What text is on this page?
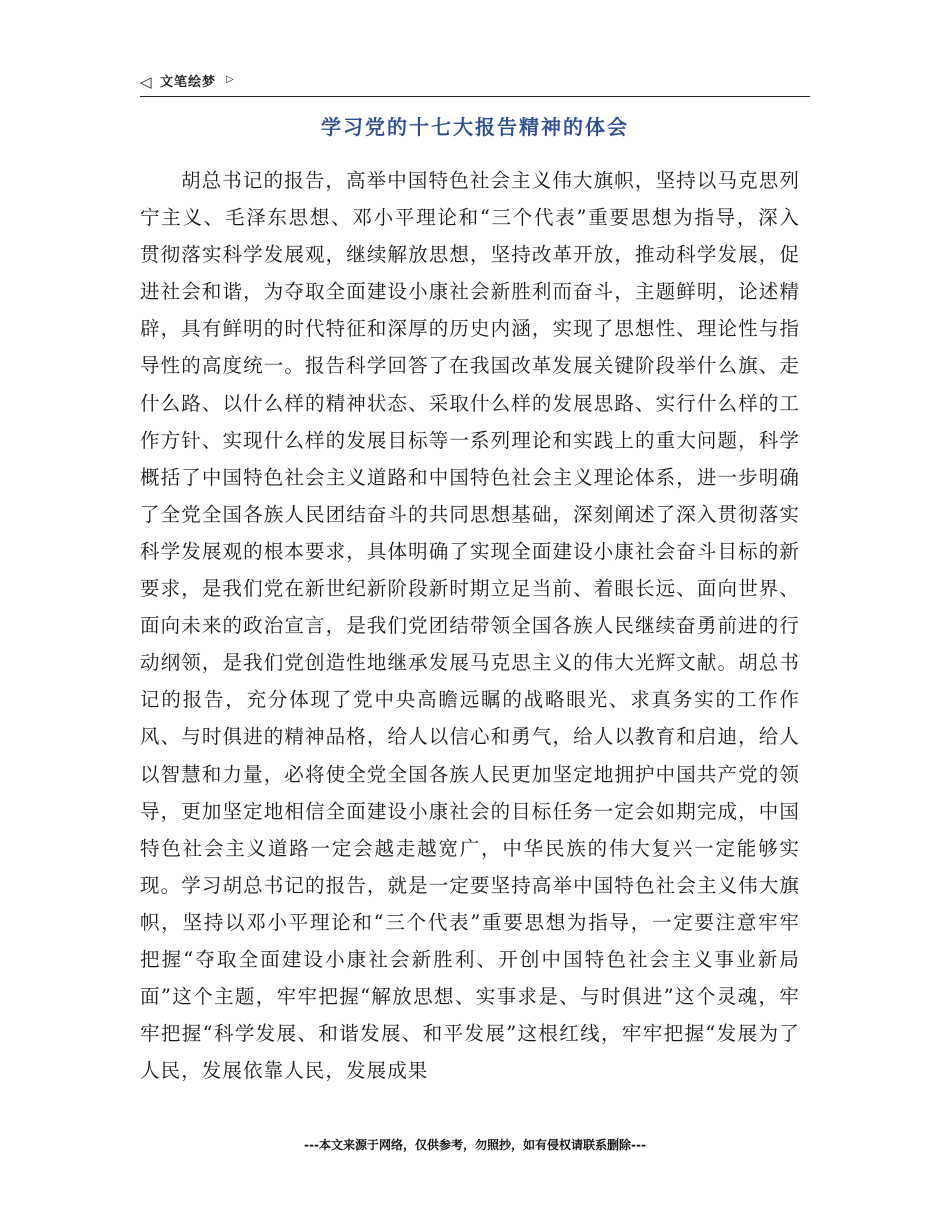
◁ 文笔绘梦 ▷
学习党的十七大报告精神的体会
胡总书记的报告，高举中国特色社会主义伟大旗帜，坚持以马克思列宁主义、毛泽东思想、邓小平理论和“三个代表”重要思想为指导，深入贯彻落实科学发展观，继续解放思想，坚持改革开放，推动科学发展，促进社会和谐，为夺取全面建设小康社会新胜利而奋斗，主题鲜明，论述精辟，具有鲜明的时代特征和深厚的历史内涵，实现了思想性、理论性与指导性的高度统一。报告科学回答了在我国改革发展关键阶段举什么旗、走什么路、以什么样的精神状态、采取什么样的发展思路、实行什么样的工作方针、实现什么样的发展目标等一系列理论和实践上的重大问题，科学概括了中国特色社会主义道路和中国特色社会主义理论体系，进一步明确了全党全国各族人民团结奋斗的共同思想基础，深刻阐述了深入贯彻落实科学发展观的根本要求，具体明确了实现全面建设小康社会奋斗目标的新要求，是我们党在新世纪新阶段新时期立足当前、着眼长远、面向世界、面向未来的政治宣言，是我们党团结带领全国各族人民继续奋勇前进的行动纲领，是我们党创造性地继承发展马克思主义的伟大光辉文献。胡总书记的报告，充分体现了党中央高瞻远瞩的战略眼光、求真务实的工作作风、与时俱进的精神品格，给人以信心和勇气，给人以教育和启迪，给人以智慧和力量，必将使全党全国各族人民更加坚定地拥护中国共产党的领导，更加坚定地相信全面建设小康社会的目标任务一定会如期完成，中国特色社会主义道路一定会越走越宽广，中华民族的伟大复兴一定能够实现。学习胡总书记的报告，就是一定要坚持高举中国特色社会主义伟大旗帜，坚持以邓小平理论和“三个代表”重要思想为指导，一定要注意牢牢把握“夺取全面建设小康社会新胜利、开创中国特色社会主义事业新局面”这个主题，牢牢把握“解放思想、实事求是、与时俱进”这个灵魂，牢牢把握“科学发展、和谐发展、和平发展”这根红线，牢牢把握“发展为了人民，发展依靠人民，发展成果
---本文来源于网络，仅供参考，勿照抄，如有侵权请联系删除---
